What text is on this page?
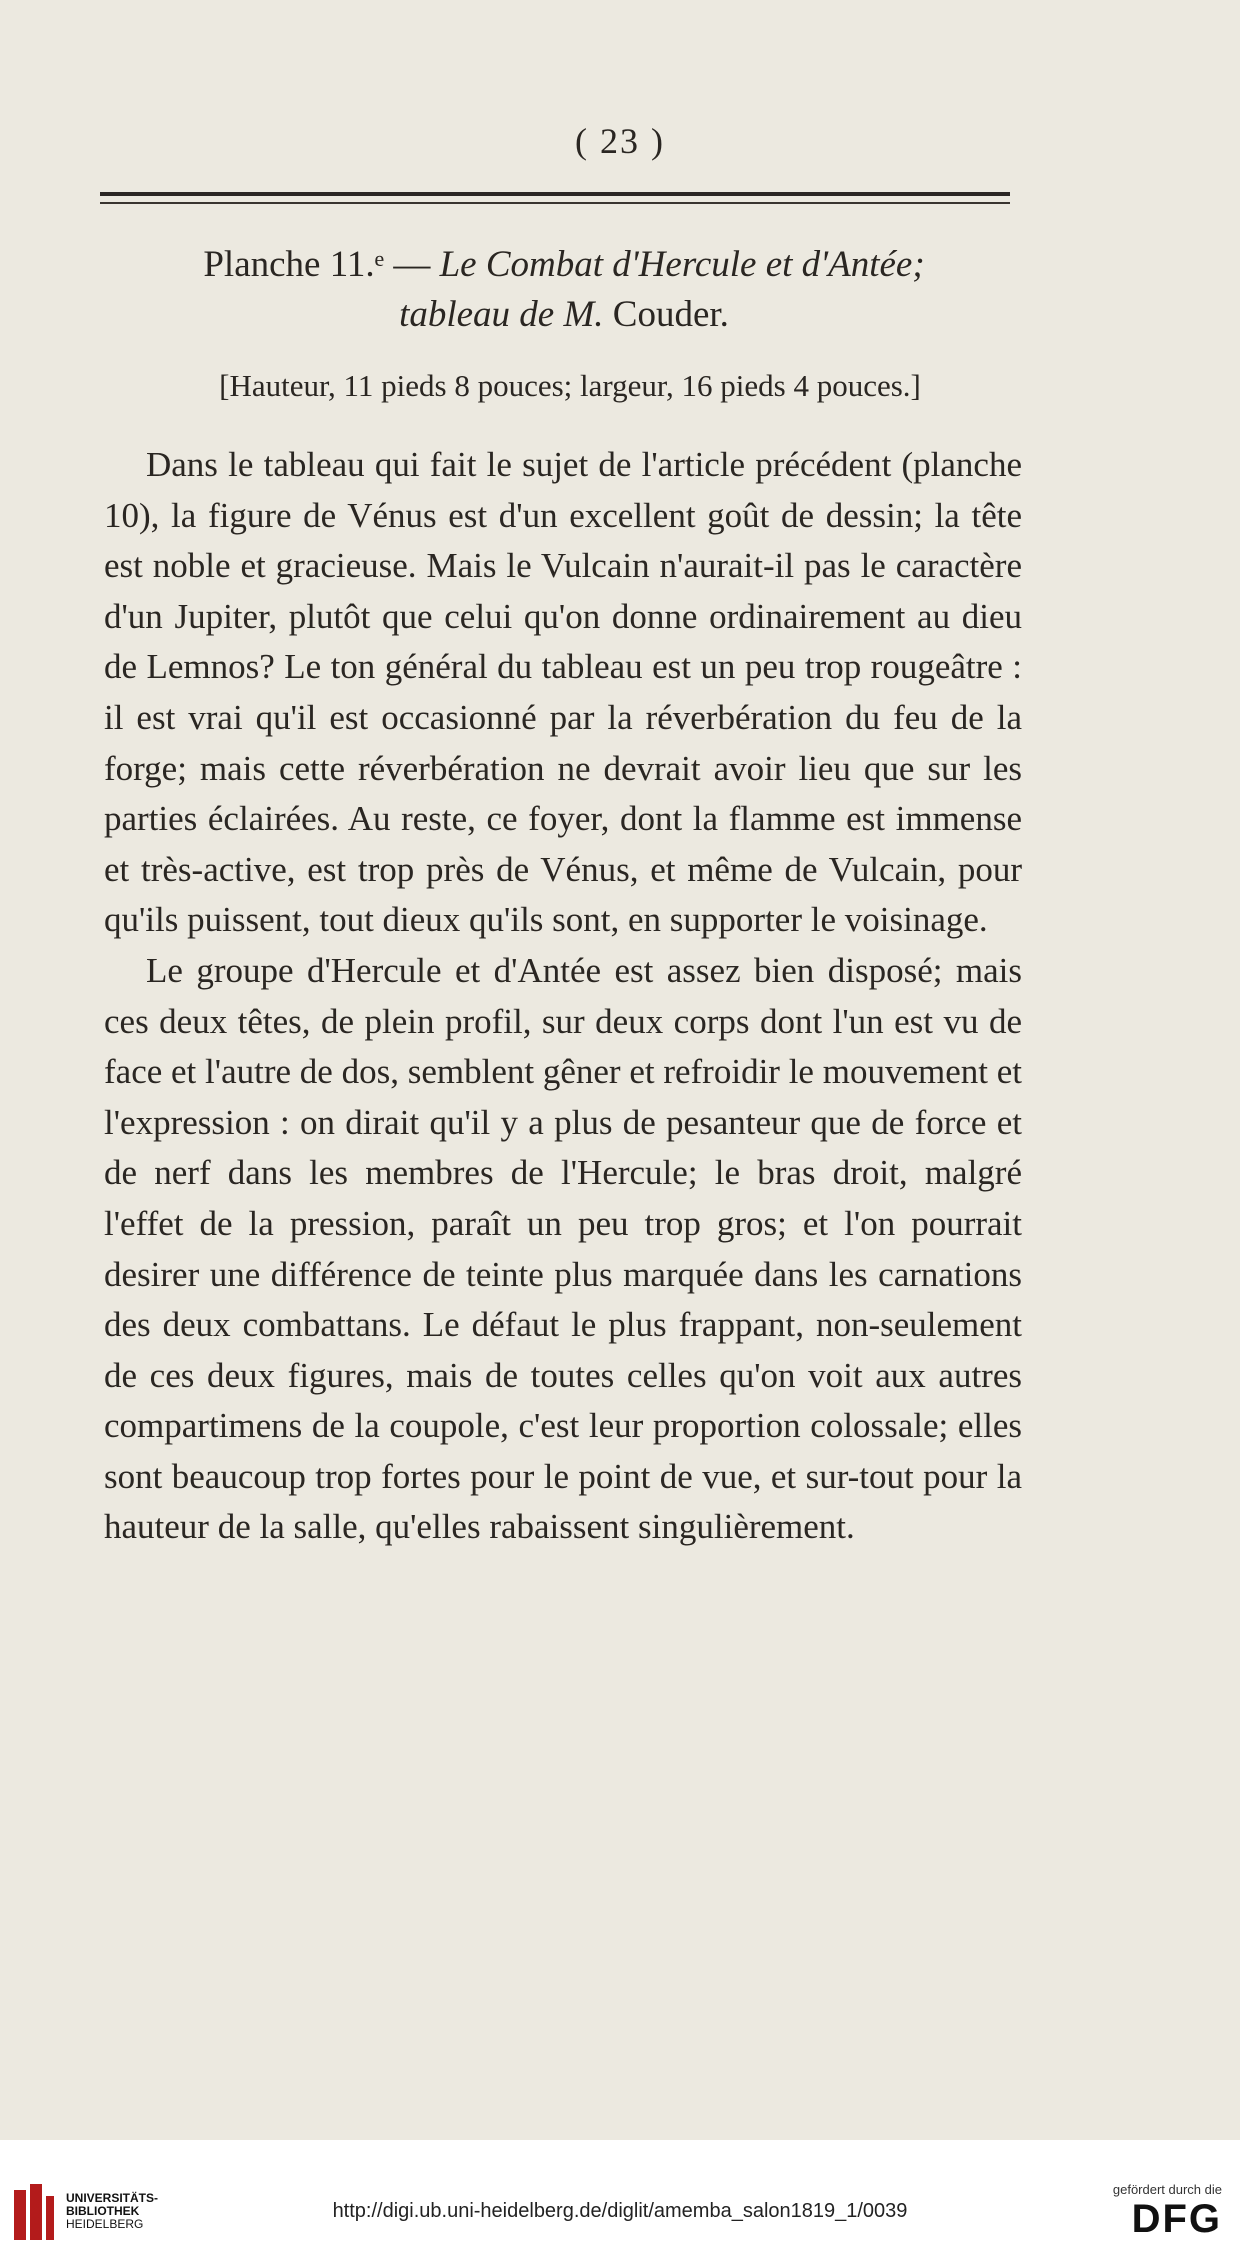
( 23 )
Planche 11.ᵉ — Le Combat d'Hercule et d'Antée;
tableau de M. Couder.
[Hauteur, 11 pieds 8 pouces; largeur, 16 pieds 4 pouces.]

Dans le tableau qui fait le sujet de l'article précédent (planche 10), la figure de Vénus est d'un excellent goût de dessin; la tête est noble et gracieuse. Mais le Vulcain n'aurait-il pas le caractère d'un Jupiter, plutôt que celui qu'on donne ordinairement au dieu de Lemnos? Le ton général du tableau est un peu trop rougeâtre : il est vrai qu'il est occasionné par la réverbération du feu de la forge; mais cette réverbération ne devrait avoir lieu que sur les parties éclairées. Au reste, ce foyer, dont la flamme est immense et très-active, est trop près de Vénus, et même de Vulcain, pour qu'ils puissent, tout dieux qu'ils sont, en supporter le voisinage.

Le groupe d'Hercule et d'Antée est assez bien disposé; mais ces deux têtes, de plein profil, sur deux corps dont l'un est vu de face et l'autre de dos, semblent gêner et refroidir le mouvement et l'expression : on dirait qu'il y a plus de pesanteur que de force et de nerf dans les membres de l'Hercule; le bras droit, malgré l'effet de la pression, paraît un peu trop gros; et l'on pourrait desirer une différence de teinte plus marquée dans les carnations des deux combattans. Le défaut le plus frappant, non-seulement de ces deux figures, mais de toutes celles qu'on voit aux autres compartimens de la coupole, c'est leur proportion colossale; elles sont beaucoup trop fortes pour le point de vue, et sur-tout pour la hauteur de la salle, qu'elles rabaissent singulièrement.

UNIVERSITÄTS-
BIBLIOTHEK
HEIDELBERG
http://digi.ub.uni-heidelberg.de/diglit/amemba_salon1819_1/0039
gefördert durch die
DFG
